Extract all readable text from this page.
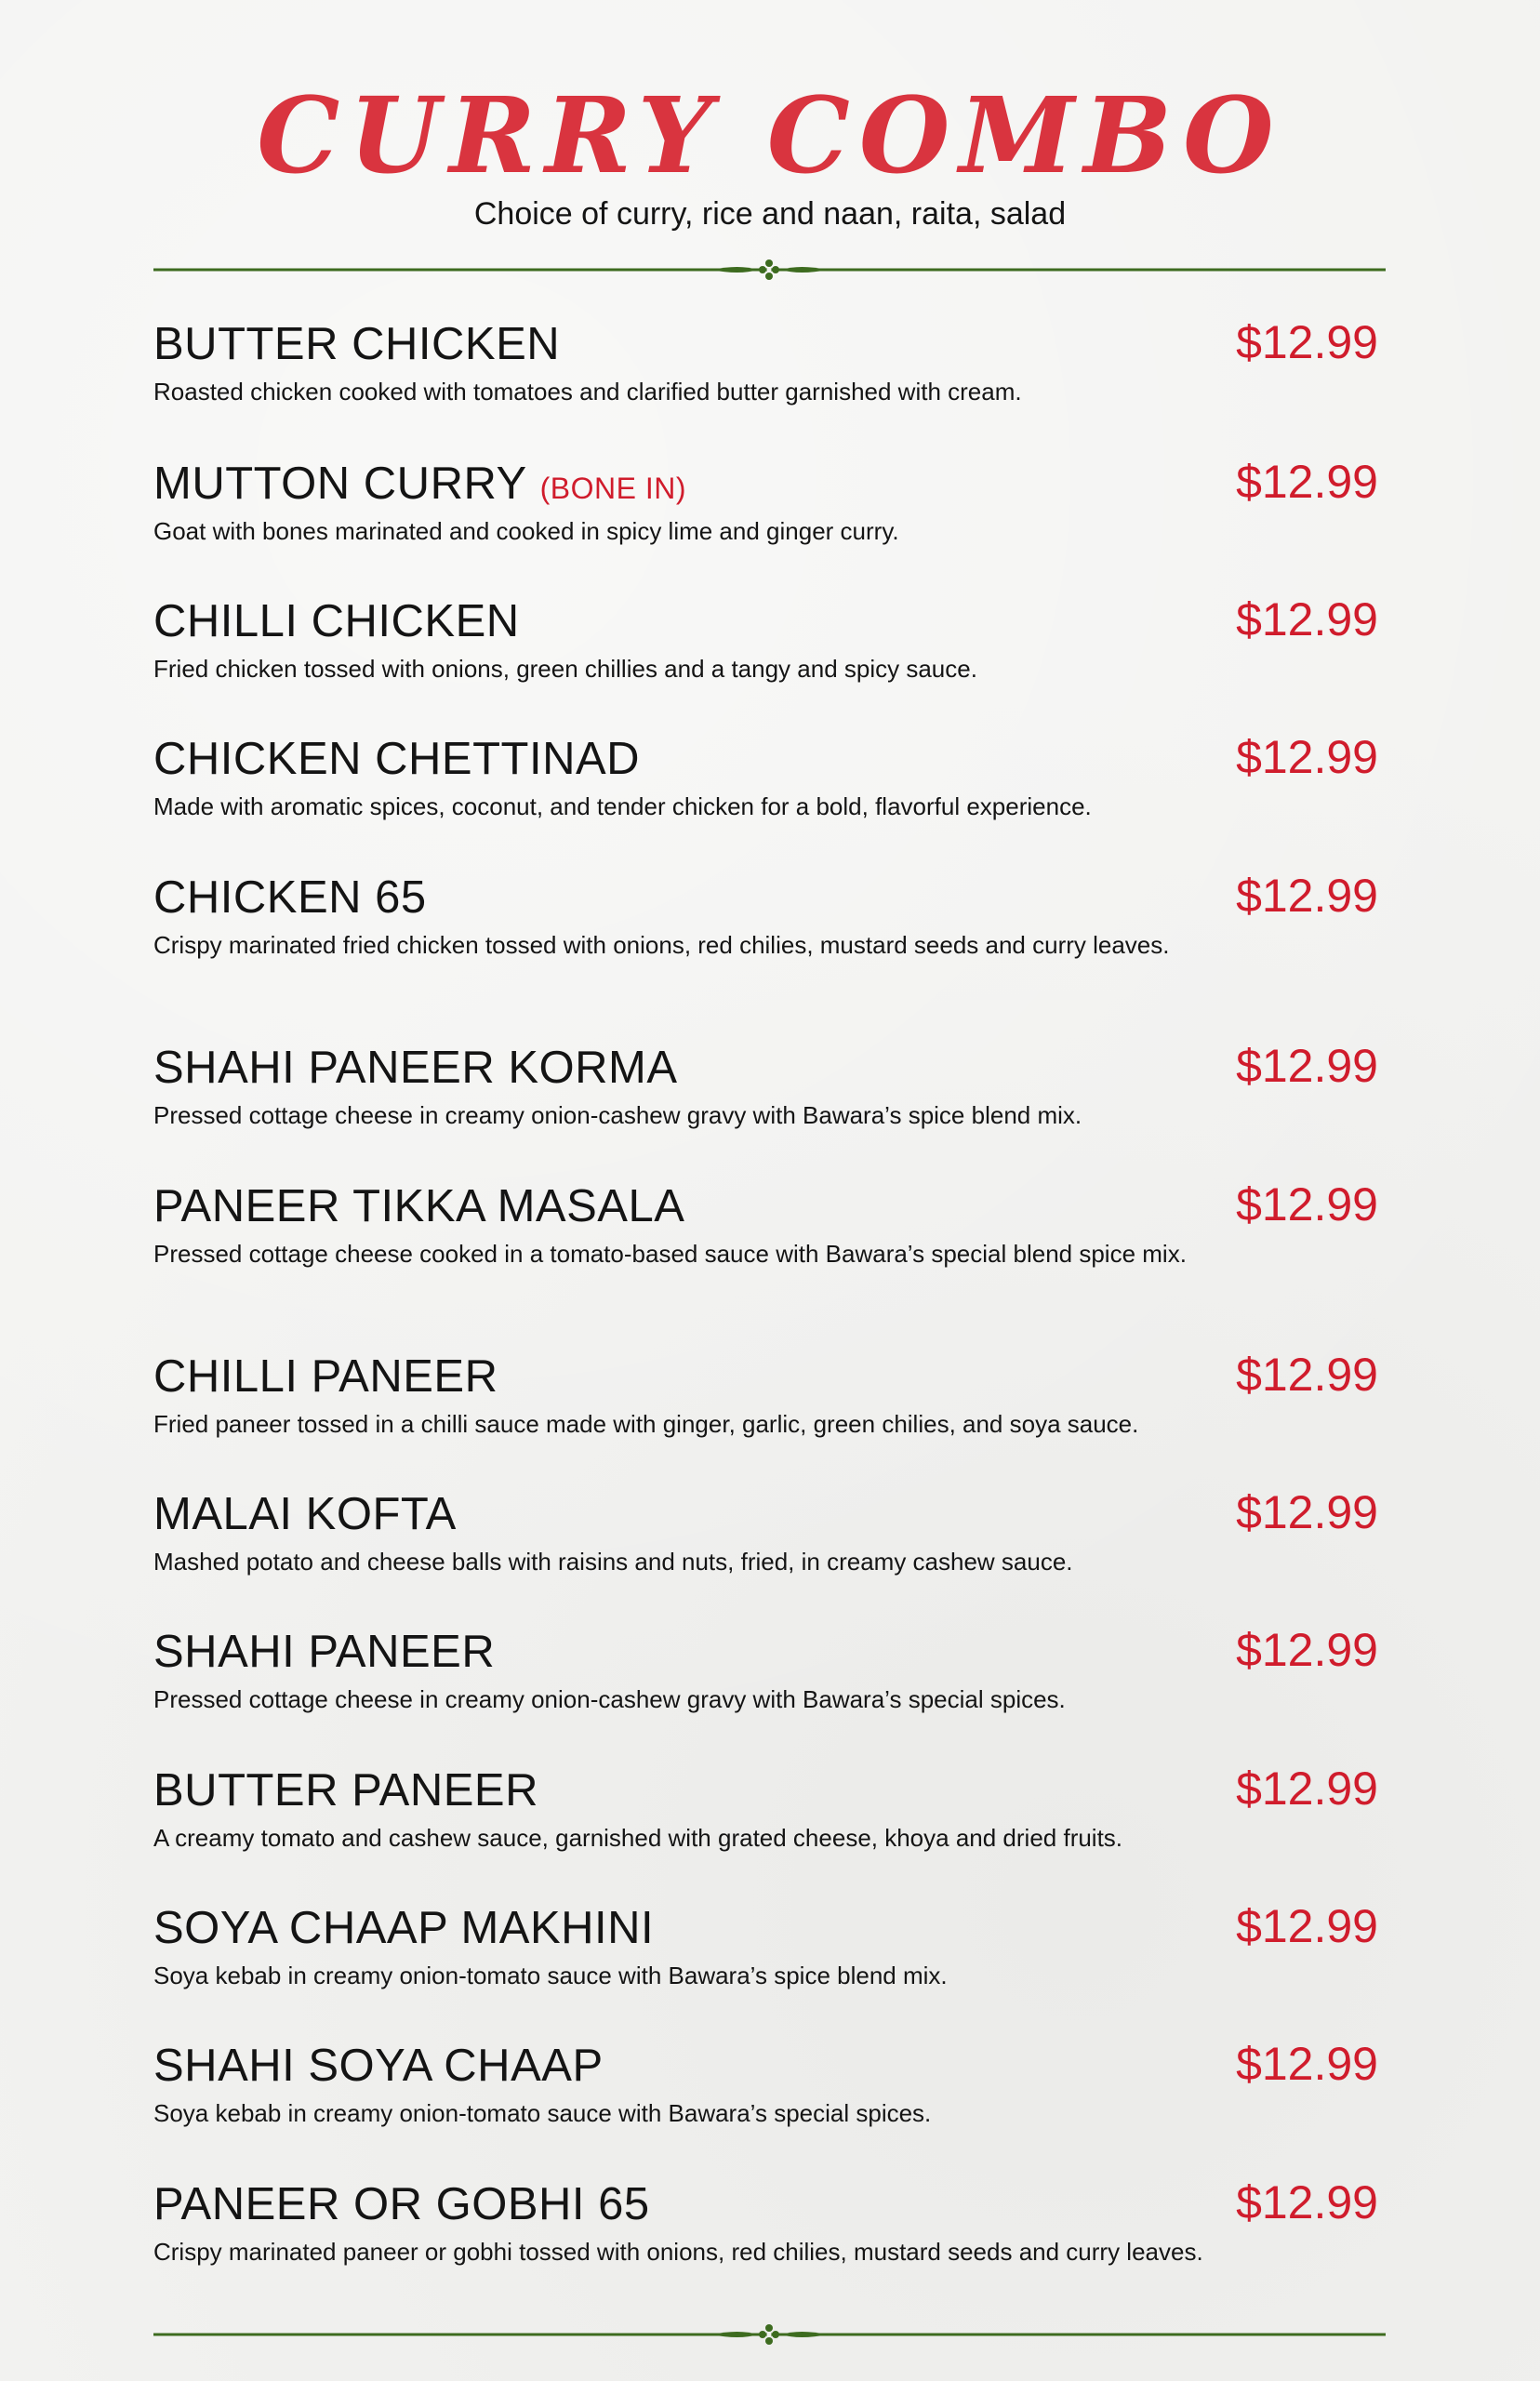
CURRY COMBO
Choice of curry, rice and naan, raita, salad
BUTTER CHICKEN	$12.99
Roasted chicken cooked with tomatoes and clarified butter garnished with cream.
MUTTON CURRY (BONE IN)	$12.99
Goat with bones marinated and cooked in spicy lime and ginger curry.
CHILLI CHICKEN	$12.99
Fried chicken tossed with onions, green chillies and a tangy and spicy sauce.
CHICKEN CHETTINAD	$12.99
Made with aromatic spices, coconut, and tender chicken for a bold, flavorful experience.
CHICKEN 65	$12.99
Crispy marinated fried chicken tossed with onions, red chilies, mustard seeds and curry leaves.
SHAHI PANEER KORMA	$12.99
Pressed cottage cheese in creamy onion-cashew gravy with Bawara’s spice blend mix.
PANEER TIKKA MASALA	$12.99
Pressed cottage cheese cooked in a tomato-based sauce with Bawara’s special blend spice mix.
CHILLI PANEER	$12.99
Fried paneer tossed in a chilli sauce made with ginger, garlic, green chilies, and soya sauce.
MALAI KOFTA	$12.99
Mashed potato and cheese balls with raisins and nuts, fried, in creamy cashew sauce.
SHAHI PANEER	$12.99
Pressed cottage cheese in creamy onion-cashew gravy with Bawara’s special spices.
BUTTER PANEER	$12.99
A creamy tomato and cashew sauce, garnished with grated cheese, khoya and dried fruits.
SOYA CHAAP MAKHINI	$12.99
Soya kebab in creamy onion-tomato sauce with Bawara’s spice blend mix.
SHAHI SOYA CHAAP	$12.99
Soya kebab in creamy onion-tomato sauce with Bawara’s special spices.
PANEER OR GOBHI 65	$12.99
Crispy marinated paneer or gobhi tossed with onions, red chilies, mustard seeds and curry leaves.
